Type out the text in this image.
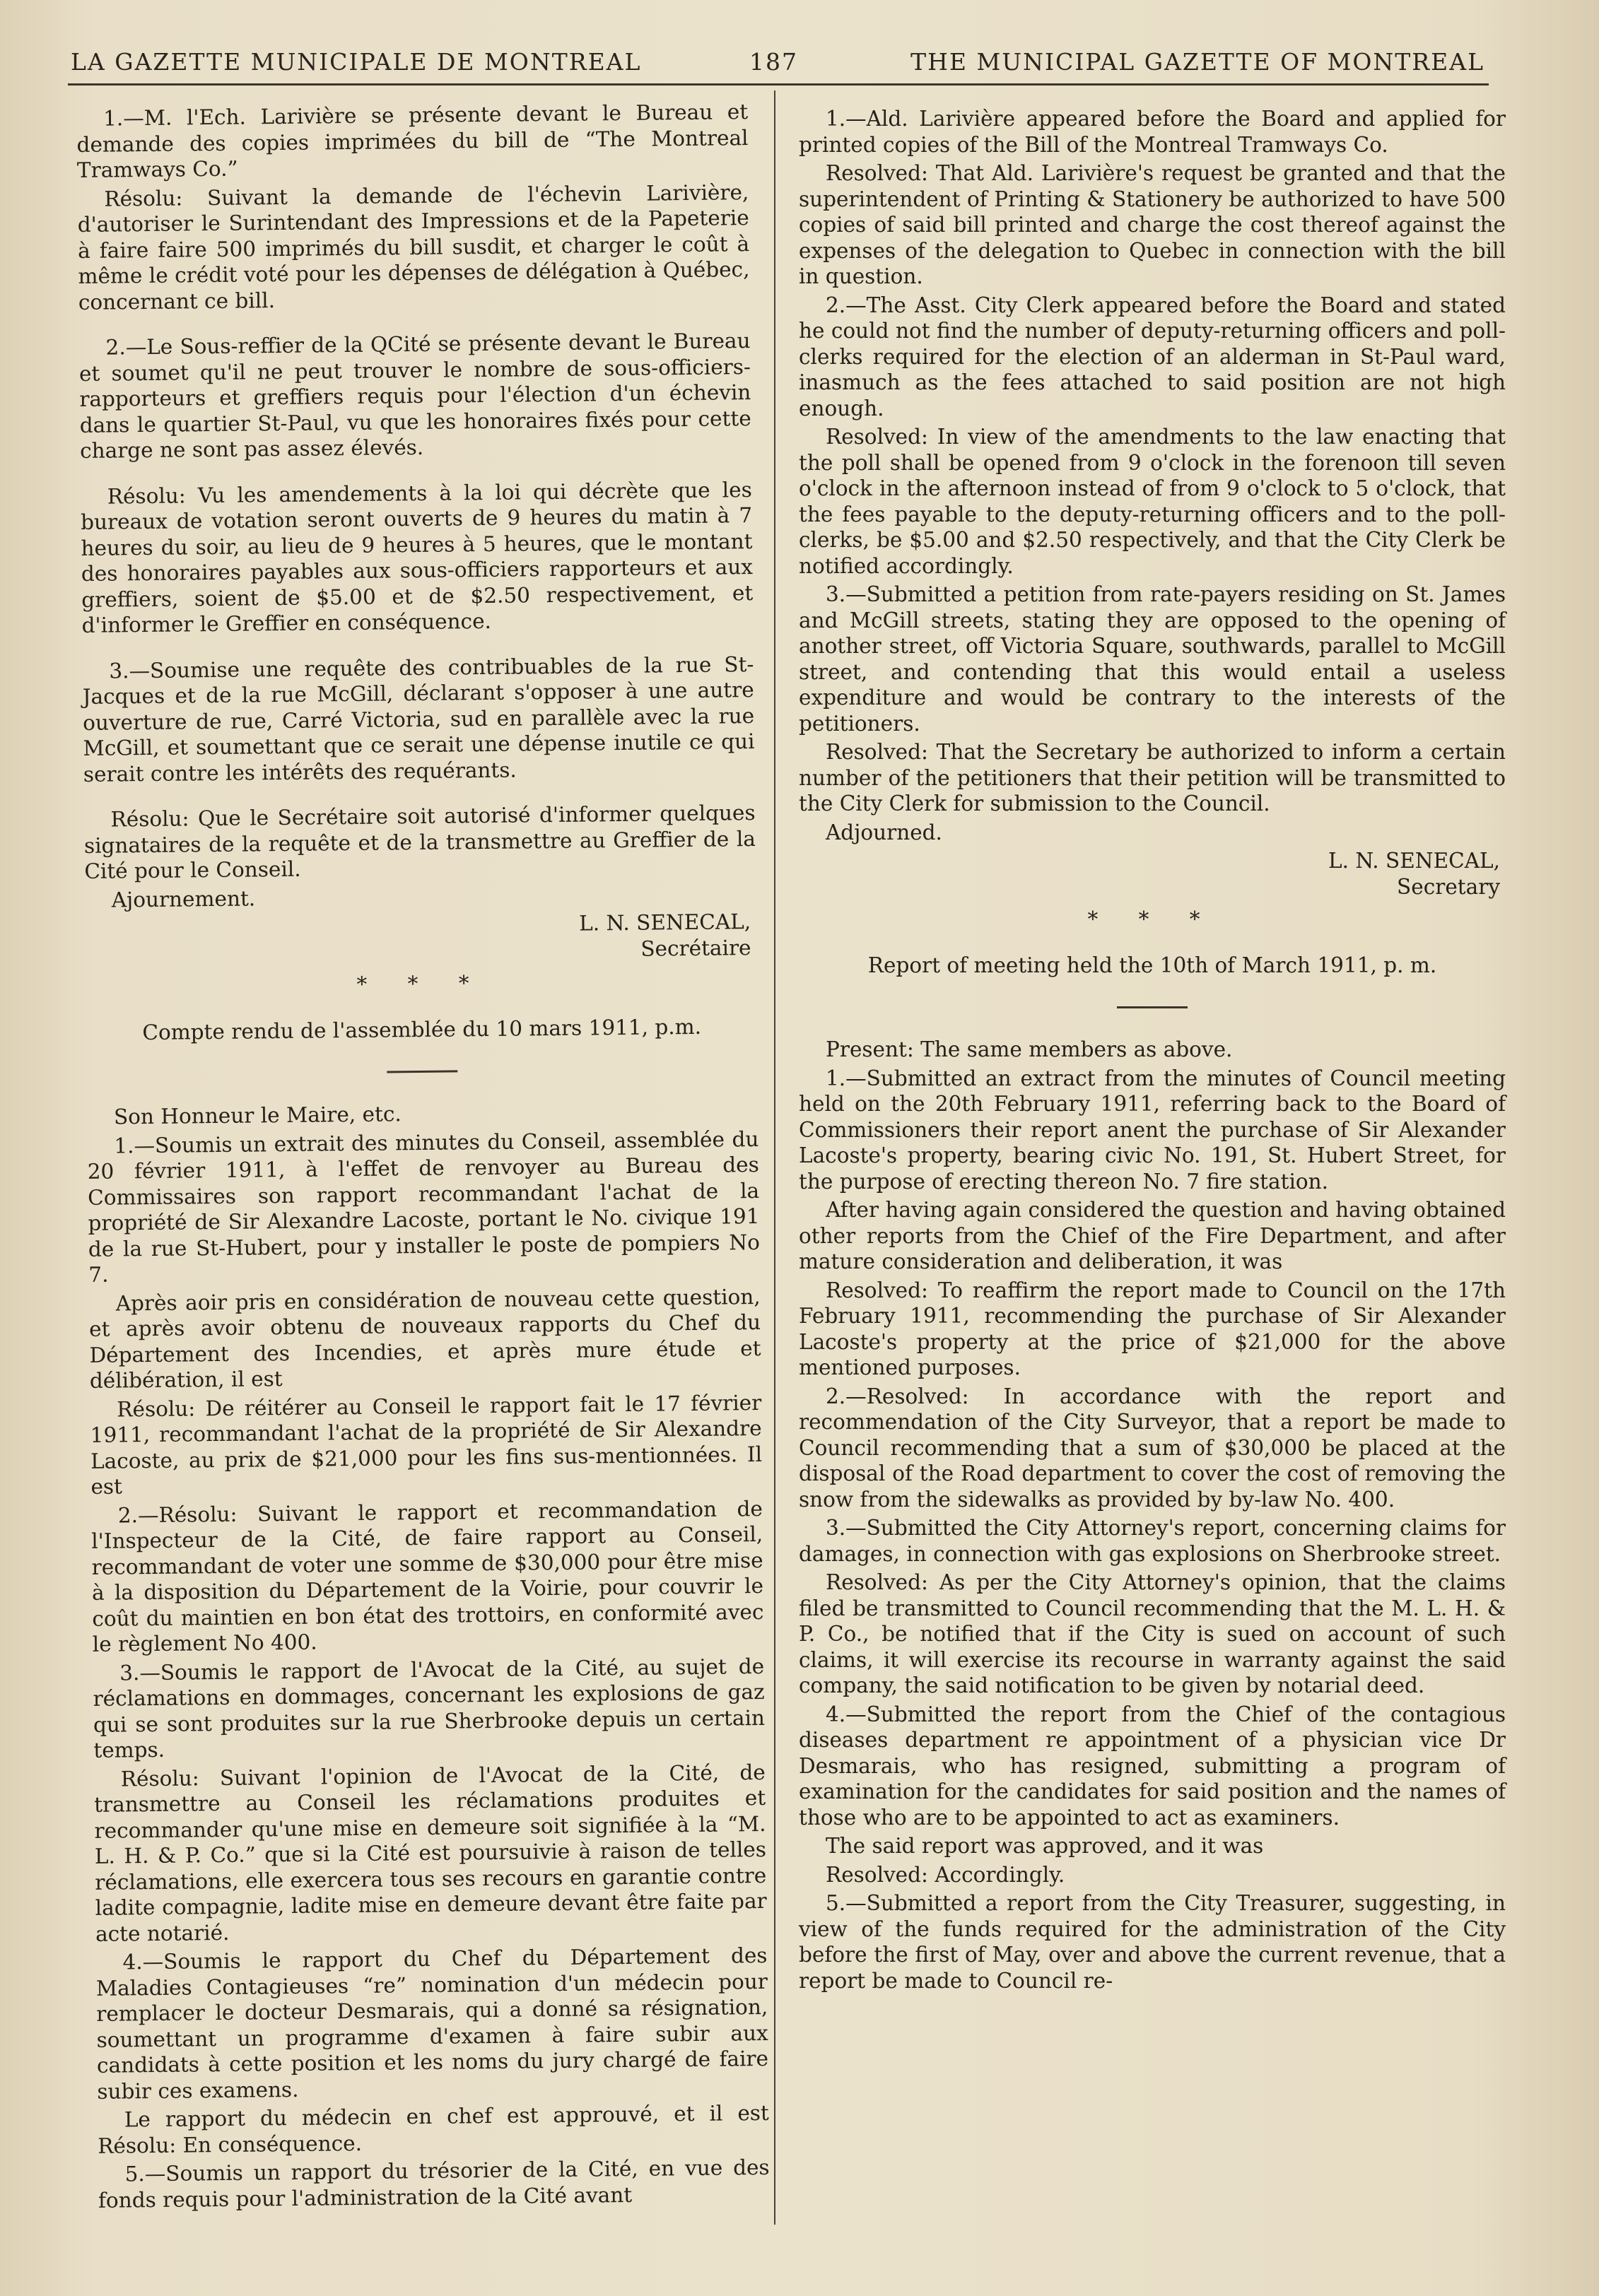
LA GAZETTE MUNICIPALE DE MONTREAL	187	THE MUNICIPAL GAZETTE OF MONTREAL

1.—M. l'Ech. Larivière se présente devant le Bureau et demande des copies imprimées du bill de “The Montreal Tramways Co.”

Résolu: Suivant la demande de l'échevin Larivière, d'autoriser le Surintendant des Impressions et de la Papeterie à faire faire 500 imprimés du bill susdit, et charger le coût à même le crédit voté pour les dépenses de délégation à Québec, concernant ce bill.

2.—Le Sous-reffier de la QCité se présente devant le Bureau et soumet qu'il ne peut trouver le nombre de sous-officiers-rapporteurs et greffiers requis pour l'élection d'un échevin dans le quartier St-Paul, vu que les honoraires fixés pour cette charge ne sont pas assez élevés.

Résolu: Vu les amendements à la loi qui décrète que les bureaux de votation seront ouverts de 9 heures du matin à 7 heures du soir, au lieu de 9 heures à 5 heures, que le montant des honoraires payables aux sous-officiers rapporteurs et aux greffiers, soient de $5.00 et de $2.50 respectivement, et d'informer le Greffier en conséquence.

3.—Soumise une requête des contribuables de la rue St-Jacques et de la rue McGill, déclarant s'opposer à une autre ouverture de rue, Carré Victoria, sud en parallèle avec la rue McGill, et soumettant que ce serait une dépense inutile ce qui serait contre les intérêts des requérants.

Résolu: Que le Secrétaire soit autorisé d'informer quelques signataires de la requête et de la transmettre au Greffier de la Cité pour le Conseil.

Ajournement.

L. N. SENECAL,

Secrétaire

* * *

Compte rendu de l'assemblée du 10 mars 1911, p.m.

Son Honneur le Maire, etc.

1.—Soumis un extrait des minutes du Conseil, assemblée du 20 février 1911, à l'effet de renvoyer au Bureau des Commissaires son rapport recommandant l'achat de la propriété de Sir Alexandre Lacoste, portant le No. civique 191 de la rue St-Hubert, pour y installer le poste de pompiers No 7.

Après aoir pris en considération de nouveau cette question, et après avoir obtenu de nouveaux rapports du Chef du Département des Incendies, et après mure étude et délibération, il est

Résolu: De réitérer au Conseil le rapport fait le 17 février 1911, recommandant l'achat de la propriété de Sir Alexandre Lacoste, au prix de $21,000 pour les fins sus-mentionnées. Il est

2.—Résolu: Suivant le rapport et recommandation de l'Inspecteur de la Cité, de faire rapport au Conseil, recommandant de voter une somme de $30,000 pour être mise à la disposition du Département de la Voirie, pour couvrir le coût du maintien en bon état des trottoirs, en conformité avec le règlement No 400.

3.—Soumis le rapport de l'Avocat de la Cité, au sujet de réclamations en dommages, concernant les explosions de gaz qui se sont produites sur la rue Sherbrooke depuis un certain temps.

Résolu: Suivant l'opinion de l'Avocat de la Cité, de transmettre au Conseil les réclamations produites et recommander qu'une mise en demeure soit signifiée à la “M. L. H. & P. Co.” que si la Cité est poursuivie à raison de telles réclamations, elle exercera tous ses recours en garantie contre ladite compagnie, ladite mise en demeure devant être faite par acte notarié.

4.—Soumis le rapport du Chef du Département des Maladies Contagieuses “re” nomination d'un médecin pour remplacer le docteur Desmarais, qui a donné sa résignation, soumettant un programme d'examen à faire subir aux candidats à cette position et les noms du jury chargé de faire subir ces examens.

Le rapport du médecin en chef est approuvé, et il est Résolu: En conséquence.

5.—Soumis un rapport du trésorier de la Cité, en vue des fonds requis pour l'administration de la Cité avant

1.—Ald. Larivière appeared before the Board and applied for printed copies of the Bill of the Montreal Tramways Co.

Resolved: That Ald. Larivière's request be granted and that the superintendent of Printing & Stationery be authorized to have 500 copies of said bill printed and charge the cost thereof against the expenses of the delegation to Quebec in connection with the bill in question.

2.—The Asst. City Clerk appeared before the Board and stated he could not find the number of deputy-returning officers and poll-clerks required for the election of an alderman in St-Paul ward, inasmuch as the fees attached to said position are not high enough.

Resolved: In view of the amendments to the law enacting that the poll shall be opened from 9 o'clock in the forenoon till seven o'clock in the afternoon instead of from 9 o'clock to 5 o'clock, that the fees payable to the deputy-returning officers and to the poll-clerks, be $5.00 and $2.50 respectively, and that the City Clerk be notified accordingly.

3.—Submitted a petition from rate-payers residing on St. James and McGill streets, stating they are opposed to the opening of another street, off Victoria Square, southwards, parallel to McGill street, and contending that this would entail a useless expenditure and would be contrary to the interests of the petitioners.

Resolved: That the Secretary be authorized to inform a certain number of the petitioners that their petition will be transmitted to the City Clerk for submission to the Council.

Adjourned.

L. N. SENECAL,

Secretary

* * *

Report of meeting held the 10th of March 1911, p. m.

Present: The same members as above.

1.—Submitted an extract from the minutes of Council meeting held on the 20th February 1911, referring back to the Board of Commissioners their report anent the purchase of Sir Alexander Lacoste's property, bearing civic No. 191, St. Hubert Street, for the purpose of erecting thereon No. 7 fire station.

After having again considered the question and having obtained other reports from the Chief of the Fire Department, and after mature consideration and deliberation, it was

Resolved: To reaffirm the report made to Council on the 17th February 1911, recommending the purchase of Sir Alexander Lacoste's property at the price of $21,000 for the above mentioned purposes.

2.—Resolved: In accordance with the report and recommendation of the City Surveyor, that a report be made to Council recommending that a sum of $30,000 be placed at the disposal of the Road department to cover the cost of removing the snow from the sidewalks as provided by by-law No. 400.

3.—Submitted the City Attorney's report, concerning claims for damages, in connection with gas explosions on Sherbrooke street.

Resolved: As per the City Attorney's opinion, that the claims filed be transmitted to Council recommending that the M. L. H. & P. Co., be notified that if the City is sued on account of such claims, it will exercise its recourse in warranty against the said company, the said notification to be given by notarial deed.

4.—Submitted the report from the Chief of the contagious diseases department re appointment of a physician vice Dr Desmarais, who has resigned, submitting a program of examination for the candidates for said position and the names of those who are to be appointed to act as examiners.

The said report was approved, and it was

Resolved: Accordingly.

5.—Submitted a report from the City Treasurer, suggesting, in view of the funds required for the administration of the City before the first of May, over and above the current revenue, that a report be made to Council re-
